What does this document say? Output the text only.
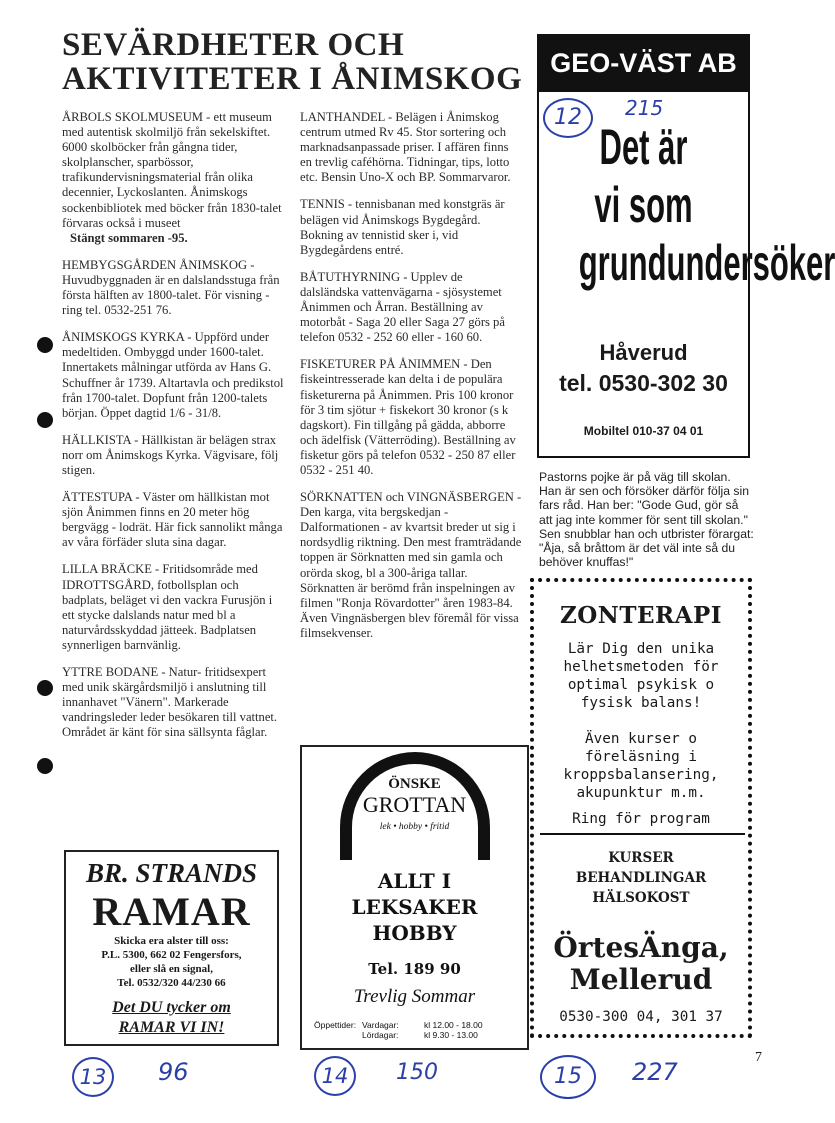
SEVÄRDHETER OCH
AKTIVITETER I ÅNIMSKOG

ÅRBOLS SKOLMUSEUM - ett museum med autentisk skolmiljö från sekelskiftet. 6000 skolböcker från gångna tider, skolplanscher, sparbössor, trafikundervisningsmaterial från olika decennier, Lyckoslanten. Ånimskogs sockenbibliotek med böcker från 1830-talet förvaras också i museet
Stängt sommaren -95.

HEMBYGSGÅRDEN ÅNIMSKOG - Huvudbyggnaden är en dalslandsstuga från första hälften av 1800-talet. För visning - ring tel. 0532-251 76.

ÅNIMSKOGS KYRKA - Uppförd under medeltiden. Ombyggd under 1600-talet. Innertakets målningar utförda av Hans G. Schuffner år 1739. Altartavla och predikstol från 1700-talet. Dopfunt från 1200-talets början. Öppet dagtid 1/6 - 31/8.

HÄLLKISTA - Hällkistan är belägen strax norr om Ånimskogs Kyrka. Vägvisare, följ stigen.

ÄTTESTUPA - Väster om hällkistan mot sjön Ånimmen finns en 20 meter hög bergvägg - lodrät. Här fick sannolikt många av våra förfäder sluta sina dagar.

LILLA BRÄCKE - Fritidsområde med IDROTTSGÅRD, fotbollsplan och badplats, beläget vi den vackra Furusjön i ett stycke dalslands natur med bl a naturvårdsskyddad jätteek. Badplatsen synnerligen barnvänlig.

YTTRE BODANE - Natur- fritidsexpert med unik skärgårdsmiljö i anslutning till innanhavet "Vänern". Markerade vandringsleder leder besökaren till vattnet. Området är känt för sina sällsynta fåglar.

LANTHANDEL - Belägen i Ånimskog centrum utmed Rv 45. Stor sortering och marknadsanpassade priser. I affären finns en trevlig caféhörna. Tidningar, tips, lotto etc. Bensin Uno-X och BP. Sommarvaror.

TENNIS - tennisbanan med konstgräs är belägen vid Ånimskogs Bygdegård. Bokning av tennistid sker i, vid Bygdegårdens entré.

BÅTUTHYRNING - Upplev de dalsländska vattenvägarna - sjösystemet Ånimmen och Årran. Beställning av motorbåt - Saga 20 eller Saga 27 görs på telefon 0532 - 252 60 eller - 160 60.

FISKETURER PÅ ÅNIMMEN - Den fiskeintresserade kan delta i de populära fisketurerna på Ånimmen. Pris 100 kronor för 3 tim sjötur + fiskekort 30 kronor (s k dagskort). Fin tillgång på gädda, abborre och ädelfisk (Vätterröding). Beställning av fisketur görs på telefon 0532 - 250 87 eller 0532 - 251 40.

SÖRKNATTEN och VINGNÄSBERGEN - Den karga, vita bergskedjan - Dalformationen - av kvartsit breder ut sig i nordsydlig riktning. Den mest framträdande toppen är Sörknatten med sin gamla och orörda skog, bl a 300-åriga tallar. Sörknatten är berömd från inspelningen av filmen "Ronja Rövardotter" åren 1983-84. Även Vingnäsbergen blev föremål för vissa filmsekvenser.

GEO-VÄST AB
12	215
Det är
vi som
grundundersöker
Håverud
tel. 0530-302 30
Mobiltel 010-37 04 01
Pastorns pojke är på väg till skolan. Han är sen och försöker därför följa sin fars råd. Han ber: "Gode Gud, gör så att jag inte kommer för sent till skolan." Sen snubblar han och utbrister förargat: "Åja, så bråttom är det väl inte så du behöver knuffas!"
ZONTERAPI
Lär Dig den unika
helhetsmetoden för
optimal psykisk o
fysisk balans!
Även kurser o
föreläsning i
kroppsbalansering,
akupunktur m.m.
Ring för program
KURSER
BEHANDLINGAR
HÄLSOKOST
ÖrtesÄnga,
Mellerud
0530-300 04, 301 37
BR. STRANDS
RAMAR
Skicka era alster till oss:
P.L. 5300, 662 02 Fengersfors,
eller slå en signal,
Tel. 0532/320 44/230 66
Det DU tycker om
RAMAR VI IN!
ÖNSKE
GROTTAN
lek • hobby • fritid
ALLT I
LEKSAKER
HOBBY
Tel. 189 90
Trevlig Sommar
Öppettider: Vardagar:	kl 12.00 - 18.00
Lördagar:	kl 9.30 - 13.00
13	96	14	150	15	227
7
